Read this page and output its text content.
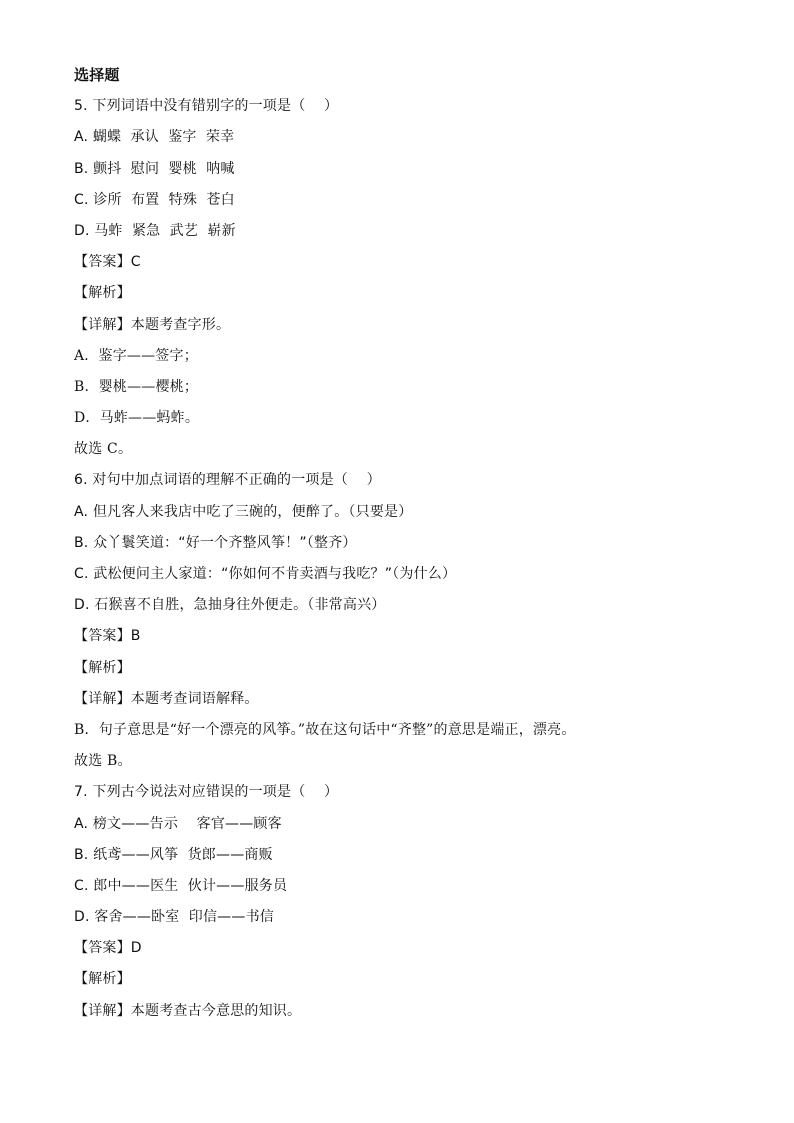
选择题
5. 下列词语中没有错别字的一项是（    ）
A. 蝴蝶  承认  鉴字  荣幸
B. 颤抖  慰问  婴桃  呐喊
C. 诊所  布置  特殊  苍白
D. 马蚱  紧急  武艺  崭新
【答案】C
【解析】
【详解】本题考查字形。
A．鉴字——签字；
B．婴桃——樱桃；
D．马蚱——蚂蚱。
故选 C。
6. 对句中加点词语的理解不正确的一项是（    ）
A. 但凡客人来我店中吃了三碗的，便醉了。（只要是）
B. 众丫鬟笑道：“好一个齐整风筝！”（整齐）
C. 武松便问主人家道：“你如何不肯卖酒与我吃？”（为什么）
D. 石猴喜不自胜，急抽身往外便走。（非常高兴）
【答案】B
【解析】
【详解】本题考查词语解释。
B．句子意思是“好一个漂亮的风筝。”故在这句话中“齐整”的意思是端正，漂亮。
故选 B。
7. 下列古今说法对应错误的一项是（    ）
A. 榜文——告示    客官——顾客
B. 纸鸢——风筝  货郎——商贩
C. 郎中——医生  伙计——服务员
D. 客舍——卧室  印信——书信
【答案】D
【解析】
【详解】本题考查古今意思的知识。
